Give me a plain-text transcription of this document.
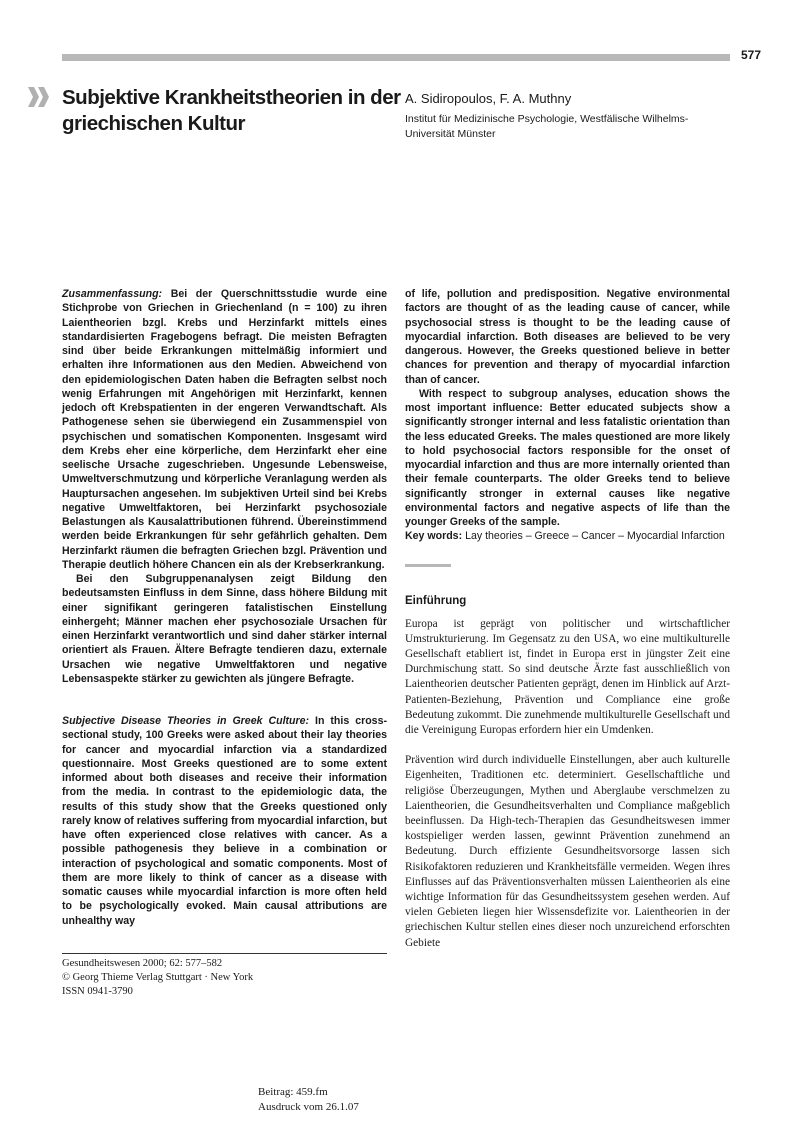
577
Subjektive Krankheitstheorien in der griechischen Kultur
A. Sidiropoulos, F. A. Muthny
Institut für Medizinische Psychologie, Westfälische Wilhelms-Universität Münster

Zusammenfassung: Bei der Querschnittsstudie wurde eine Stichprobe von Griechen in Griechenland (n = 100) zu ihren Laientheorien bzgl. Krebs und Herzinfarkt mittels eines standardisierten Fragebogens befragt. Die meisten Befragten sind über beide Erkrankungen mittelmäßig informiert und erhalten ihre Informationen aus den Medien. Abweichend von den epidemiologischen Daten haben die Befragten selbst noch wenig Erfahrungen mit Angehörigen mit Herzinfarkt, kennen jedoch oft Krebspatienten in der engeren Verwandtschaft. Als Pathogenese sehen sie überwiegend ein Zusammenspiel von psychischen und somatischen Komponenten. Insgesamt wird dem Krebs eher eine körperliche, dem Herzinfarkt eher eine seelische Ursache zugeschrieben. Ungesunde Lebensweise, Umweltverschmutzung und körperliche Veranlagung werden als Hauptursachen angesehen. Im subjektiven Urteil sind bei Krebs negative Umweltfaktoren, bei Herzinfarkt psychosoziale Belastungen als Kausalattributionen führend. Übereinstimmend werden beide Erkrankungen für sehr gefährlich gehalten. Dem Herzinfarkt räumen die befragten Griechen bzgl. Prävention und Therapie deutlich höhere Chancen ein als der Krebserkrankung.

Bei den Subgruppenanalysen zeigt Bildung den bedeutsamsten Einfluss in dem Sinne, dass höhere Bildung mit einer signifikant geringeren fatalistischen Einstellung einhergeht; Männer machen eher psychosoziale Ursachen für einen Herzinfarkt verantwortlich und sind daher stärker internal orientiert als Frauen. Ältere Befragte tendieren dazu, externale Ursachen wie negative Umweltfaktoren und negative Lebensaspekte stärker zu gewichten als jüngere Befragte.

Subjective Disease Theories in Greek Culture: In this cross-sectional study, 100 Greeks were asked about their lay theories for cancer and myocardial infarction via a standardized questionnaire. Most Greeks questioned are to some extent informed about both diseases and receive their information from the media. In contrast to the epidemiologic data, the results of this study show that the Greeks questioned only rarely know of relatives suffering from myocardial infarction, but have often experienced close relatives with cancer. As a possible pathogenesis they believe in a combination or interaction of psychological and somatic components. Most of them are more likely to think of cancer as a disease with somatic causes while myocardial infarction is more often held to be psychologically evoked. Main causal attributions are unhealthy way

of life, pollution and predisposition. Negative environmental factors are thought of as the leading cause of cancer, while psychosocial stress is thought to be the leading cause of myocardial infarction. Both diseases are believed to be very dangerous. However, the Greeks questioned believe in better chances for prevention and therapy of myocardial infarction than of cancer.

With respect to subgroup analyses, education shows the most important influence: Better educated subjects show a significantly stronger internal and less fatalistic orientation than the less educated Greeks. The males questioned are more likely to hold psychosocial factors responsible for the onset of myocardial infarction and thus are more internally oriented than their female counterparts. The older Greeks tend to believe significantly stronger in external causes like negative environmental factors and negative aspects of life than the younger Greeks of the sample.

Key words: Lay theories – Greece – Cancer – Myocardial Infarction

Einführung

Europa ist geprägt von politischer und wirtschaftlicher Umstrukturierung. Im Gegensatz zu den USA, wo eine multikulturelle Gesellschaft etabliert ist, findet in Europa erst in jüngster Zeit eine Durchmischung statt. So sind deutsche Ärzte fast ausschließlich von Laientheorien deutscher Patienten geprägt, denen im Hinblick auf Arzt-Patienten-Beziehung, Prävention und Compliance eine große Bedeutung zukommt. Die zunehmende multikulturelle Gesellschaft und die Vereinigung Europas erfordern hier ein Umdenken.

Prävention wird durch individuelle Einstellungen, aber auch kulturelle Eigenheiten, Traditionen etc. determiniert. Gesellschaftliche und religiöse Überzeugungen, Mythen und Aberglaube verschmelzen zu Laientheorien, die Gesundheitsverhalten und Compliance maßgeblich beeinflussen. Da High-tech-Therapien das Gesundheitswesen immer kostspieliger werden lassen, gewinnt Prävention zunehmend an Bedeutung. Durch effiziente Gesundheitsvorsorge lassen sich Risikofaktoren reduzieren und Krankheitsfälle vermeiden. Wegen ihres Einflusses auf das Präventionsverhalten müssen Laientheorien als eine wichtige Information für das Gesundheitssystem gesehen werden. Auf vielen Gebieten liegen hier Wissensdefizite vor. Laientheorien in der griechischen Kultur stellen eines dieser noch unzureichend erforschten Gebiete

Gesundheitswesen 2000; 62: 577–582
© Georg Thieme Verlag Stuttgart · New York
ISSN 0941-3790
Beitrag: 459.fm
Ausdruck vom 26.1.07
